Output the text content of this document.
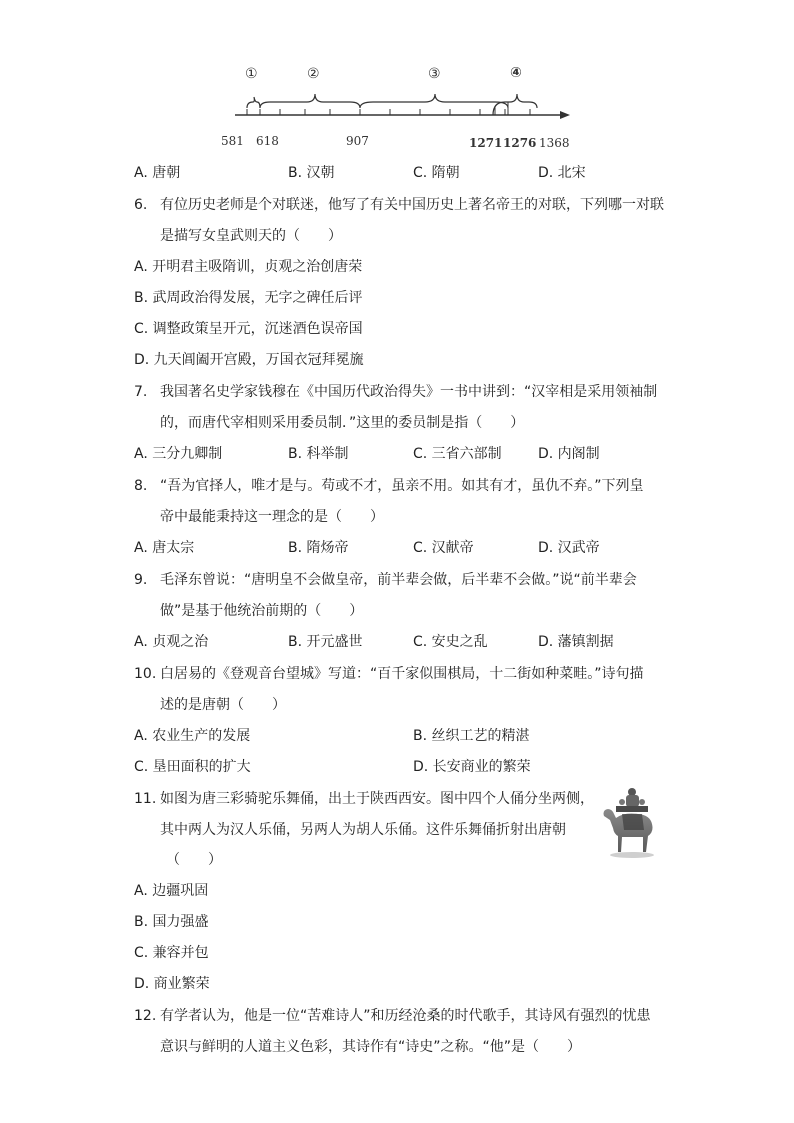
①	②	③	④
581 618	907	1271 1276 1368
A. 唐朝	B. 汉朝	C. 隋朝	D. 北宋
6. 有位历史老师是个对联迷，他写了有关中国历史上著名帝王的对联，下列哪一对联
是描写女皇武则天的（　　）
A. 开明君主吸隋训，贞观之治创唐荣
B. 武周政治得发展，无字之碑任后评
C. 调整政策呈开元，沉迷酒色误帝国
D. 九天阊阖开宫殿，万国衣冠拜冕旒
7. 我国著名史学家钱穆在《中国历代政治得失》一书中讲到：“汉宰相是采用领袖制
的，而唐代宰相则采用委员制．”这里的委员制是指（　　）
A. 三分九卿制	B. 科举制	C. 三省六部制	D. 内阁制
8. “吾为官择人，唯才是与。苟或不才，虽亲不用。如其有才，虽仇不弃。”下列皇
帝中最能秉持这一理念的是（　　）
A. 唐太宗	B. 隋炀帝	C. 汉献帝	D. 汉武帝
9. 毛泽东曾说：“唐明皇不会做皇帝，前半辈会做，后半辈不会做。”说“前半辈会
做”是基于他统治前期的（　　）
A. 贞观之治	B. 开元盛世	C. 安史之乱	D. 藩镇割据
10. 白居易的《登观音台望城》写道：“百千家似围棋局，十二街如种菜畦。”诗句描
述的是唐朝（　　）
A. 农业生产的发展	B. 丝织工艺的精湛
C. 垦田面积的扩大	D. 长安商业的繁荣
11. 如图为唐三彩骑驼乐舞俑，出土于陕西西安。图中四个人俑分坐两侧，
其中两人为汉人乐俑，另两人为胡人乐俑。这件乐舞俑折射出唐朝
（　　）
A. 边疆巩固
B. 国力强盛
C. 兼容并包
D. 商业繁荣
12. 有学者认为，他是一位“苦难诗人”和历经沧桑的时代歌手，其诗风有强烈的忧患
意识与鲜明的人道主义色彩，其诗作有“诗史”之称。“他”是（　　）
